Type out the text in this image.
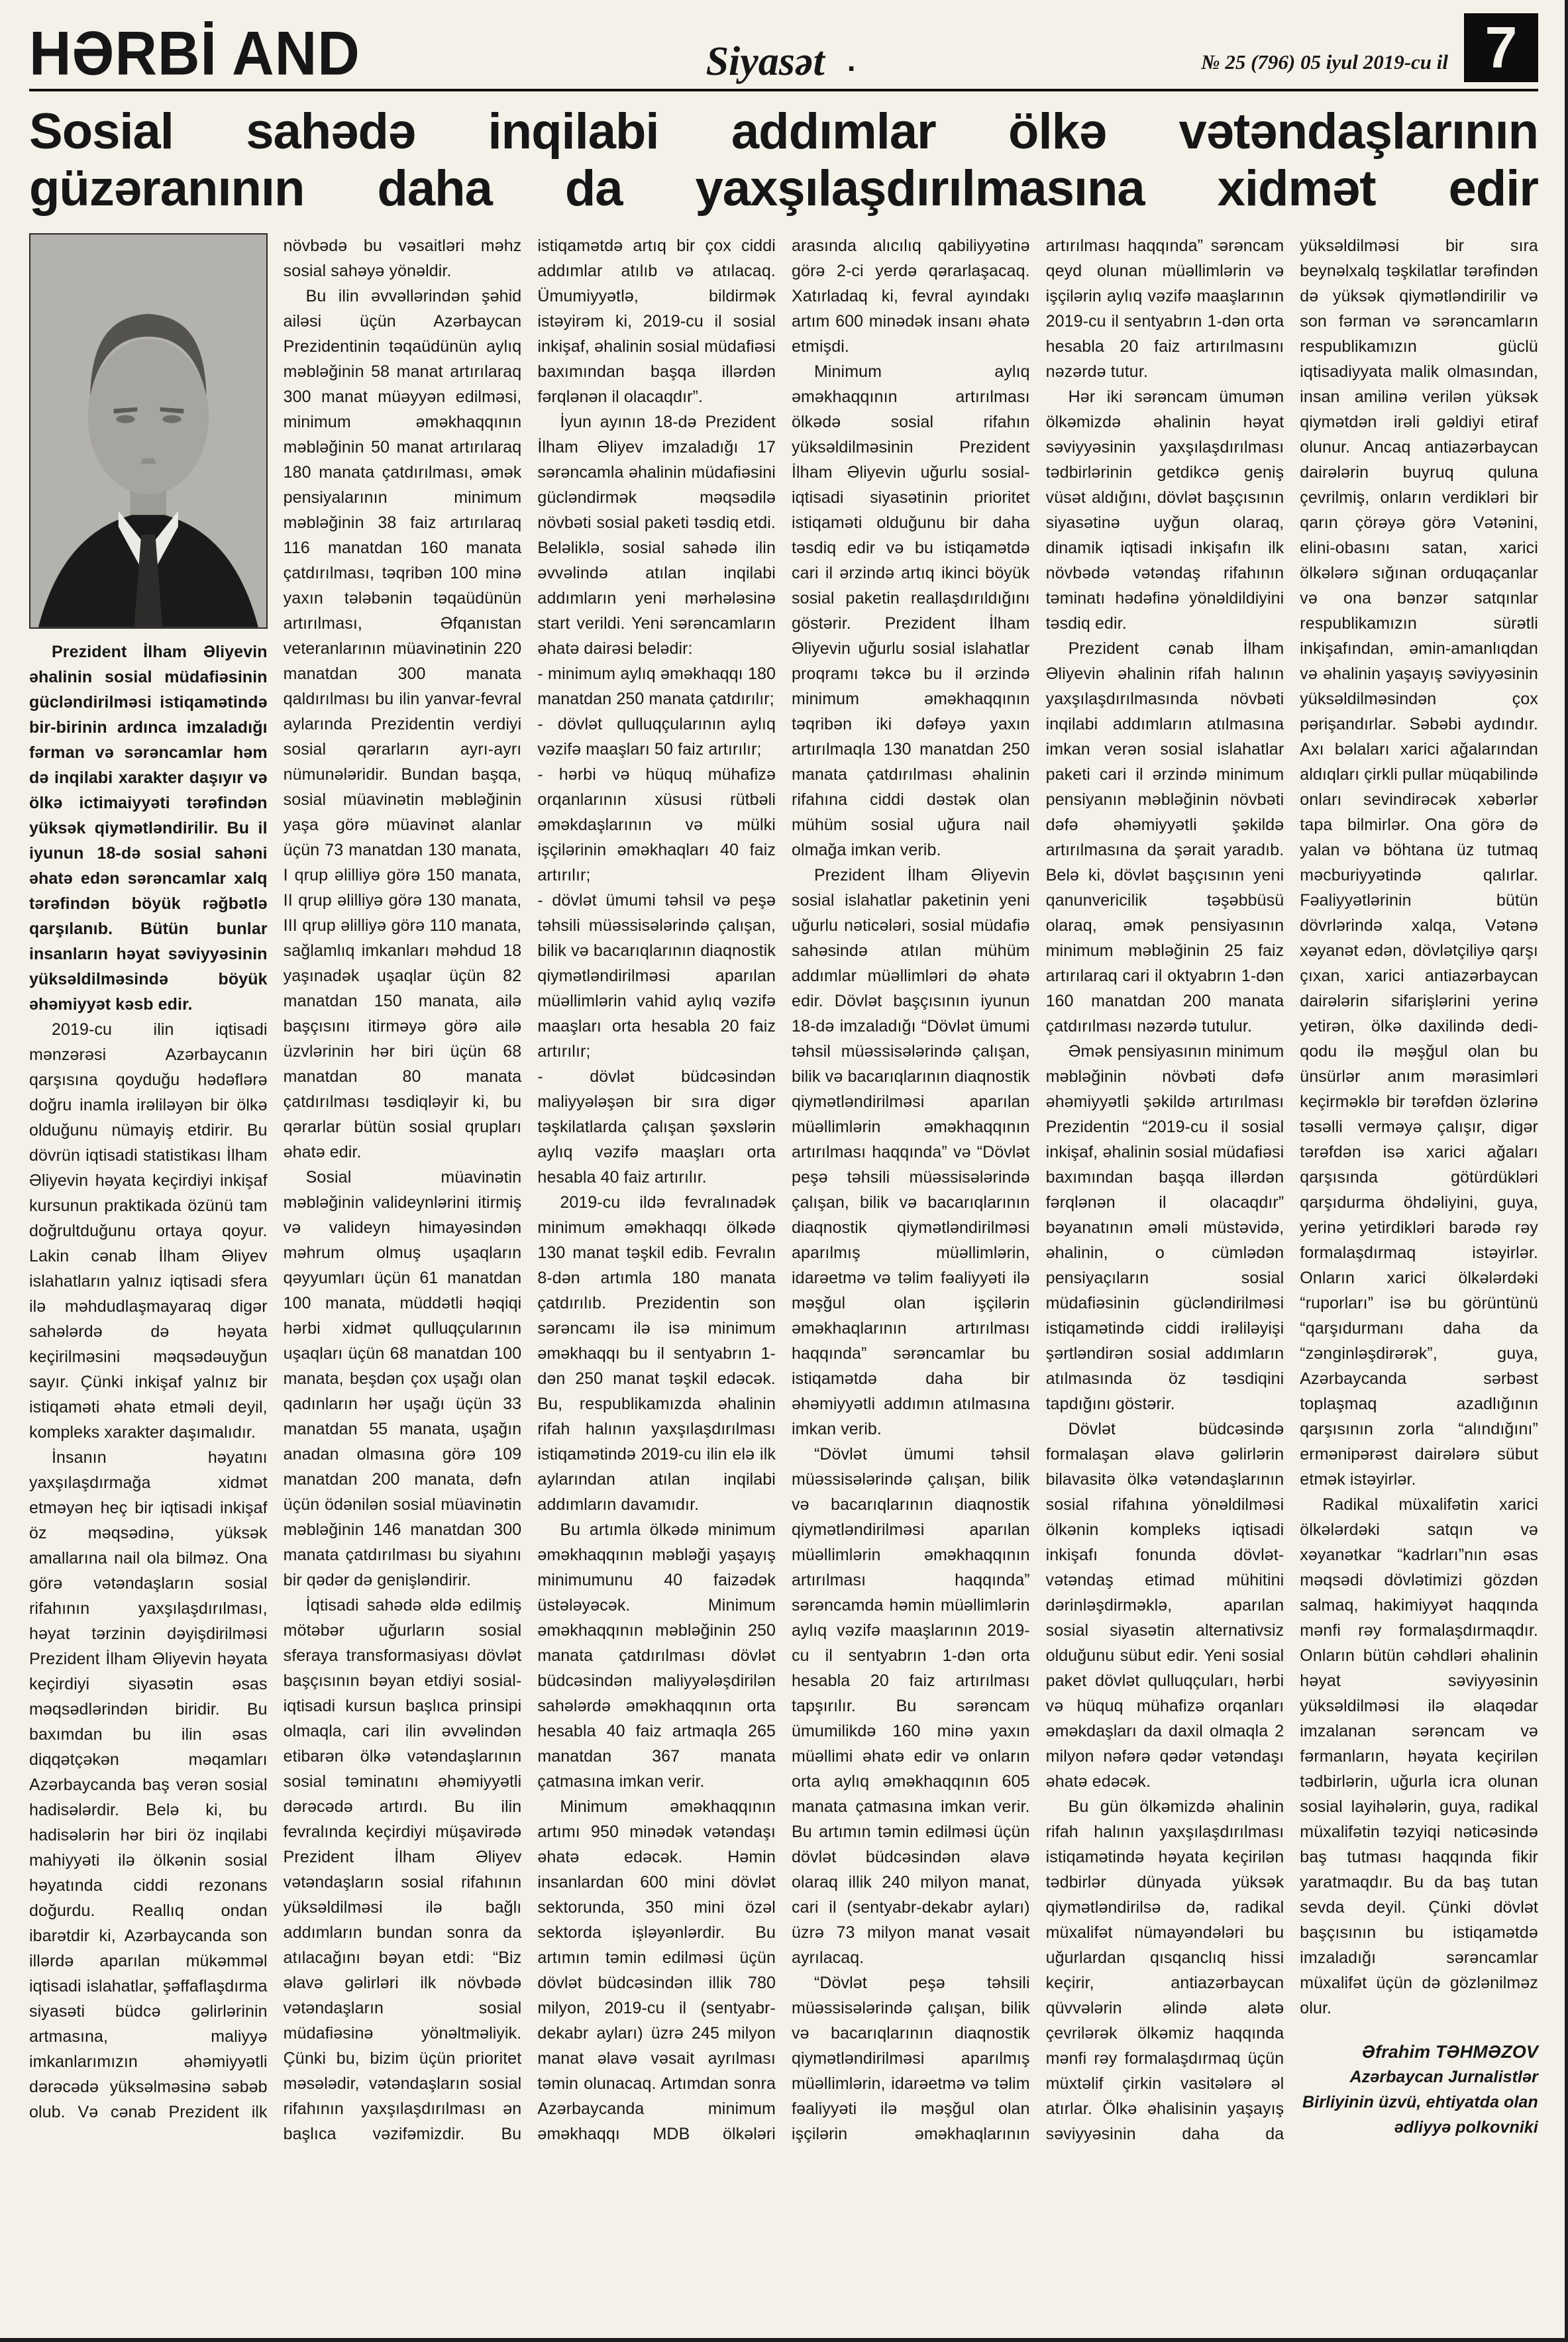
HƏRBİ AND	Siyasət .	№ 25 (796) 05 iyul 2019-cu il 7
Sosial sahədə inqilabi addımlar ölkə vətəndaşlarının güzəranının daha da yaxşılaşdırılmasına xidmət edir

Prezident İlham Əliyevin əhalinin sosial müdafiəsinin gücləndirilməsi istiqamətində bir-birinin ardınca imzaladığı fərman və sərəncamlar həm də inqilabi xarakter daşıyır və ölkə ictimaiyyəti tərəfindən yüksək qiymətləndirilir. Bu il iyunun 18-də sosial sahəni əhatə edən sərəncamlar xalq tərəfindən böyük rəğbətlə qarşılanıb. Bütün bunlar insanların həyat səviyyəsinin yüksəldilməsində böyük əhəmiyyət kəsb edir.

2019-cu ilin iqtisadi mənzərəsi Azərbaycanın qarşısına qoyduğu hədəflərə doğru inamla irəliləyən bir ölkə olduğunu nümayiş etdirir. Bu dövrün iqtisadi statistikası İlham Əliyevin həyata keçirdiyi inkişaf kursunun praktikada özünü tam doğrultduğunu ortaya qoyur. Lakin cənab İlham Əliyev islahatların yalnız iqtisadi sfera ilə məhdudlaşmayaraq digər sahələrdə də həyata keçirilməsini məqsədəuyğun sayır. Çünki inkişaf yalnız bir istiqaməti əhatə etməli deyil, kompleks xarakter daşımalıdır.

İnsanın həyatını yaxşılaşdırmağa xidmət etməyən heç bir iqtisadi inkişaf öz məqsədinə, yüksək amallarına nail ola bilməz. Ona görə vətəndaşların sosial rifahının yaxşılaşdırılması, həyat tərzinin dəyişdirilməsi Prezident İlham Əliyevin həyata keçirdiyi siyasətin əsas məqsədlərindən biridir. Bu baxımdan bu ilin əsas diqqətçəkən məqamları Azərbaycanda baş verən sosial hadisələrdir. Belə ki, bu hadisələrin hər biri öz inqilabi mahiyyəti ilə ölkənin sosial həyatında ciddi rezonans doğurdu. Reallıq ondan ibarətdir ki, Azərbaycanda son illərdə aparılan mükəmməl iqtisadi islahatlar, şəffaflaşdırma siyasəti büdcə gəlirlərinin artmasına, maliyyə imkanlarımızın əhəmiyyətli dərəcədə yüksəlməsinə səbəb olub. Və cənab Prezident ilk növbədə bu vəsaitləri məhz sosial sahəyə yönəldir.

Bu ilin əvvəllərindən şəhid ailəsi üçün Azərbaycan Prezidentinin təqaüdünün aylıq məbləğinin 58 manat artırılaraq 300 manat müəyyən edilməsi, minimum əməkhaqqının məbləğinin 50 manat artırılaraq 180 manata çatdırılması, əmək pensiyalarının minimum məbləğinin 38 faiz artırılaraq 116 manatdan 160 manata çatdırılması, təqribən 100 minə yaxın tələbənin təqaüdünün artırılması, Əfqanıstan veteranlarının müavinətinin 220 manatdan 300 manata qaldırılması bu ilin yanvar-fevral aylarında Prezidentin verdiyi sosial qərarların ayrı-ayrı nümunələridir. Bundan başqa, sosial müavinətin məbləğinin yaşa görə müavinət alanlar üçün 73 manatdan 130 manata, I qrup əlilliyə görə 150 manata, II qrup əlilliyə görə 130 manata, III qrup əlilliyə görə 110 manata, sağlamlıq imkanları məhdud 18 yaşınadək uşaqlar üçün 82 manatdan 150 manata, ailə başçısını itirməyə görə ailə üzvlərinin hər biri üçün 68 manatdan 80 manata çatdırılması təsdiqləyir ki, bu qərarlar bütün sosial qrupları əhatə edir.

Sosial müavinətin məbləğinin valideynlərini itirmiş və valideyn himayəsindən məhrum olmuş uşaqların qəyyumları üçün 61 manatdan 100 manata, müddətli həqiqi hərbi xidmət qulluqçularının uşaqları üçün 68 manatdan 100 manata, beşdən çox uşağı olan qadınların hər uşağı üçün 33 manatdan 55 manata, uşağın anadan olmasına görə 109 manatdan 200 manata, dəfn üçün ödənilən sosial müavinətin məbləğinin 146 manatdan 300 manata çatdırılması bu siyahını bir qədər də genişləndirir.

İqtisadi sahədə əldə edilmiş mötəbər uğurların sosial sferaya transformasiyası dövlət başçısının bəyan etdiyi sosial-iqtisadi kursun başlıca prinsipi olmaqla, cari ilin əvvəlindən etibarən ölkə vətəndaşlarının sosial təminatını əhəmiyyətli dərəcədə artırdı. Bu ilin fevralında keçirdiyi müşavirədə Prezident İlham Əliyev vətəndaşların sosial rifahının yüksəldilməsi ilə bağlı addımların bundan sonra da atılacağını bəyan etdi: “Biz əlavə gəlirləri ilk növbədə vətəndaşların sosial müdafiəsinə yönəltməliyik. Çünki bu, bizim üçün prioritet məsələdir, vətəndaşların sosial rifahının yaxşılaşdırılması ən başlıca vəzifəmizdir. Bu istiqamətdə artıq bir çox ciddi addımlar atılıb və atılacaq. Ümumiyyətlə, bildirmək istəyirəm ki, 2019-cu il sosial inkişaf, əhalinin sosial müdafiəsi baxımından başqa illərdən fərqlənən il olacaqdır”.

İyun ayının 18-də Prezident İlham Əliyev imzaladığı 17 sərəncamla əhalinin müdafiəsini gücləndirmək məqsədilə növbəti sosial paketi təsdiq etdi. Beləliklə, sosial sahədə ilin əvvəlində atılan inqilabi addımların yeni mərhələsinə start verildi. Yeni sərəncamların əhatə dairəsi belədir:

- minimum aylıq əməkhaqqı 180 manatdan 250 manata çatdırılır;

- dövlət qulluqçularının aylıq vəzifə maaşları 50 faiz artırılır;

- hərbi və hüquq mühafizə orqanlarının xüsusi rütbəli əməkdaşlarının və mülki işçilərinin əməkhaqları 40 faiz artırılır;

- dövlət ümumi təhsil və peşə təhsili müəssisələrində çalışan, bilik və bacarıqlarının diaqnostik qiymətləndirilməsi aparılan müəllimlərin vahid aylıq vəzifə maaşları orta hesabla 20 faiz artırılır;

- dövlət büdcəsindən maliyyələşən bir sıra digər təşkilatlarda çalışan şəxslərin aylıq vəzifə maaşları orta hesabla 40 faiz artırılır.

2019-cu ildə fevralınadək minimum əməkhaqqı ölkədə 130 manat təşkil edib. Fevralın 8-dən artımla 180 manata çatdırılıb. Prezidentin son sərəncamı ilə isə minimum əməkhaqqı bu il sentyabrın 1-dən 250 manat təşkil edəcək. Bu, respublikamızda əhalinin rifah halının yaxşılaşdırılması istiqamətində 2019-cu ilin elə ilk aylarından atılan inqilabi addımların davamıdır.

Bu artımla ölkədə minimum əməkhaqqının məbləği yaşayış minimumunu 40 faizədək üstələyəcək. Minimum əməkhaqqının məbləğinin 250 manata çatdırılması dövlət büdcəsindən maliyyələşdirilən sahələrdə əməkhaqqının orta hesabla 40 faiz artmaqla 265 manatdan 367 manata çatmasına imkan verir.

Minimum əməkhaqqının artımı 950 minədək vətəndaşı əhatə edəcək. Həmin insanlardan 600 mini dövlət sektorunda, 350 mini özəl sektorda işləyənlərdir. Bu artımın təmin edilməsi üçün dövlət büdcəsindən illik 780 milyon, 2019-cu il (sentyabr-dekabr ayları) üzrə 245 milyon manat əlavə vəsait ayrılması təmin olunacaq. Artımdan sonra Azərbaycanda minimum əməkhaqqı MDB ölkələri arasında alıcılıq qabiliyyətinə görə 2-ci yerdə qərarlaşacaq. Xatırladaq ki, fevral ayındakı artım 600 minədək insanı əhatə etmişdi.

Minimum aylıq əməkhaqqının artırılması ölkədə sosial rifahın yüksəldilməsinin Prezident İlham Əliyevin uğurlu sosial-iqtisadi siyasətinin prioritet istiqaməti olduğunu bir daha təsdiq edir və bu istiqamətdə cari il ərzində artıq ikinci böyük sosial paketin reallaşdırıldığını göstərir. Prezident İlham Əliyevin uğurlu sosial islahatlar proqramı təkcə bu il ərzində minimum əməkhaqqının təqribən iki dəfəyə yaxın artırılmaqla 130 manatdan 250 manata çatdırılması əhalinin rifahına ciddi dəstək olan mühüm sosial uğura nail olmağa imkan verib.

Prezident İlham Əliyevin sosial islahatlar paketinin yeni uğurlu nəticələri, sosial müdafiə sahəsində atılan mühüm addımlar müəllimləri də əhatə edir. Dövlət başçısının iyunun 18-də imzaladığı “Dövlət ümumi təhsil müəssisələrində çalışan, bilik və bacarıqlarının diaqnostik qiymətləndirilməsi aparılan müəllimlərin əməkhaqqının artırılması haqqında” və “Dövlət peşə təhsili müəssisələrində çalışan, bilik və bacarıqlarının diaqnostik qiymətləndirilməsi aparılmış müəllimlərin, idarəetmə və təlim fəaliyyəti ilə məşğul olan işçilərin əməkhaqlarının artırılması haqqında” sərəncamlar bu istiqamətdə daha bir əhəmiyyətli addımın atılmasına imkan verib.

“Dövlət ümumi təhsil müəssisələrində çalışan, bilik və bacarıqlarının diaqnostik qiymətləndirilməsi aparılan müəllimlərin əməkhaqqının artırılması haqqında” sərəncamda həmin müəllimlərin aylıq vəzifə maaşlarının 2019-cu il sentyabrın 1-dən orta hesabla 20 faiz artırılması tapşırılır. Bu sərəncam ümumilikdə 160 minə yaxın müəllimi əhatə edir və onların orta aylıq əməkhaqqının 605 manata çatmasına imkan verir. Bu artımın təmin edilməsi üçün dövlət büdcəsindən əlavə olaraq illik 240 milyon manat, cari il (sentyabr-dekabr ayları) üzrə 73 milyon manat vəsait ayrılacaq.

“Dövlət peşə təhsili müəssisələrində çalışan, bilik və bacarıqlarının diaqnostik qiymətləndirilməsi aparılmış müəllimlərin, idarəetmə və təlim fəaliyyəti ilə məşğul olan işçilərin əməkhaqlarının artırılması haqqında” sərəncam qeyd olunan müəllimlərin və işçilərin aylıq vəzifə maaşlarının 2019-cu il sentyabrın 1-dən orta hesabla 20 faiz artırılmasını nəzərdə tutur.

Hər iki sərəncam ümumən ölkəmizdə əhalinin həyat səviyyəsinin yaxşılaşdırılması tədbirlərinin getdikcə geniş vüsət aldığını, dövlət başçısının siyasətinə uyğun olaraq, dinamik iqtisadi inkişafın ilk növbədə vətəndaş rifahının təminatı hədəfinə yönəldildiyini təsdiq edir.

Prezident cənab İlham Əliyevin əhalinin rifah halının yaxşılaşdırılmasında növbəti inqilabi addımların atılmasına imkan verən sosial islahatlar paketi cari il ərzində minimum pensiyanın məbləğinin növbəti dəfə əhəmiyyətli şəkildə artırılmasına da şərait yaradıb. Belə ki, dövlət başçısının yeni qanunvericilik təşəbbüsü olaraq, əmək pensiyasının minimum məbləğinin 25 faiz artırılaraq cari il oktyabrın 1-dən 160 manatdan 200 manata çatdırılması nəzərdə tutulur.

Əmək pensiyasının minimum məbləğinin növbəti dəfə əhəmiyyətli şəkildə artırılması Prezidentin “2019-cu il sosial inkişaf, əhalinin sosial müdafiəsi baxımından başqa illərdən fərqlənən il olacaqdır” bəyanatının əməli müstəvidə, əhalinin, o cümlədən pensiyaçıların sosial müdafiəsinin gücləndirilməsi istiqamətində ciddi irəliləyişi şərtləndirən sosial addımların atılmasında öz təsdiqini tapdığını göstərir.

Dövlət büdcəsində formalaşan əlavə gəlirlərin bilavasitə ölkə vətəndaşlarının sosial rifahına yönəldilməsi ölkənin kompleks iqtisadi inkişafı fonunda dövlət-vətəndaş etimad mühitini dərinləşdirməklə, aparılan sosial siyasətin alternativsiz olduğunu sübut edir. Yeni sosial paket dövlət qulluqçuları, hərbi və hüquq mühafizə orqanları əməkdaşları da daxil olmaqla 2 milyon nəfərə qədər vətəndaşı əhatə edəcək.

Bu gün ölkəmizdə əhalinin rifah halının yaxşılaşdırılması istiqamətində həyata keçirilən tədbirlər dünyada yüksək qiymətləndirilsə də, radikal müxalifət nümayəndələri bu uğurlardan qısqanclıq hissi keçirir, antiazərbaycan qüvvələrin əlində alətə çevrilərək ölkəmiz haqqında mənfi rəy formalaşdırmaq üçün müxtəlif çirkin vasitələrə əl atırlar. Ölkə əhalisinin yaşayış səviyyəsinin daha da yüksəldilməsi bir sıra beynəlxalq təşkilatlar tərəfindən də yüksək qiymətləndirilir və son fərman və sərəncamların respublikamızın güclü iqtisadiyyata malik olmasından, insan amilinə verilən yüksək qiymətdən irəli gəldiyi etiraf olunur. Ancaq antiazərbaycan dairələrin buyruq quluna çevrilmiş, onların verdikləri bir qarın çörəyə görə Vətənini, elini-obasını satan, xarici ölkələrə sığınan orduqaçanlar və ona bənzər satqınlar respublikamızın sürətli inkişafından, əmin-amanlıqdan və əhalinin yaşayış səviyyəsinin yüksəldilməsindən çox pərişandırlar. Səbəbi aydındır. Axı bəlaları xarici ağalarından aldıqları çirkli pullar müqabilində onları sevindirəcək xəbərlər tapa bilmirlər. Ona görə də yalan və böhtana üz tutmaq məcburiyyətində qalırlar. Fəaliyyətlərinin bütün dövrlərində xalqa, Vətənə xəyanət edən, dövlətçiliyə qarşı çıxan, xarici antiazərbaycan dairələrin sifarişlərini yerinə yetirən, ölkə daxilində dedi-qodu ilə məşğul olan bu ünsürlər anım mərasimləri keçirməklə bir tərəfdən özlərinə təsəlli verməyə çalışır, digər tərəfdən isə xarici ağaları qarşısında götürdükləri qarşıdurma öhdəliyini, guya, yerinə yetirdikləri barədə rəy formalaşdırmaq istəyirlər. Onların xarici ölkələrdəki “ruporları” isə bu görüntünü “qarşıdurmanı daha da “zənginləşdirərək”, guya, Azərbaycanda sərbəst toplaşmaq azadlığının qarşısının zorla “alındığını” ermənipərəst dairələrə sübut etmək istəyirlər.

Radikal müxalifətin xarici ölkələrdəki satqın və xəyanətkar “kadrları”nın əsas məqsədi dövlətimizi gözdən salmaq, hakimiyyət haqqında mənfi rəy formalaşdırmaqdır. Onların bütün cəhdləri əhalinin həyat səviyyəsinin yüksəldilməsi ilə əlaqədar imzalanan sərəncam və fərmanların, həyata keçirilən tədbirlərin, uğurla icra olunan sosial layihələrin, guya, radikal müxalifətin təzyiqi nəticəsində baş tutması haqqında fikir yaratmaqdır. Bu da baş tutan sevda deyil. Çünki dövlət başçısının bu istiqamətdə imzaladığı sərəncamlar müxalifət üçün də gözlənilməz olur.

Əfrahim TƏHMƏZOV

Azərbaycan Jurnalistlər Birliyinin üzvü, ehtiyatda olan ədliyyə polkovniki
